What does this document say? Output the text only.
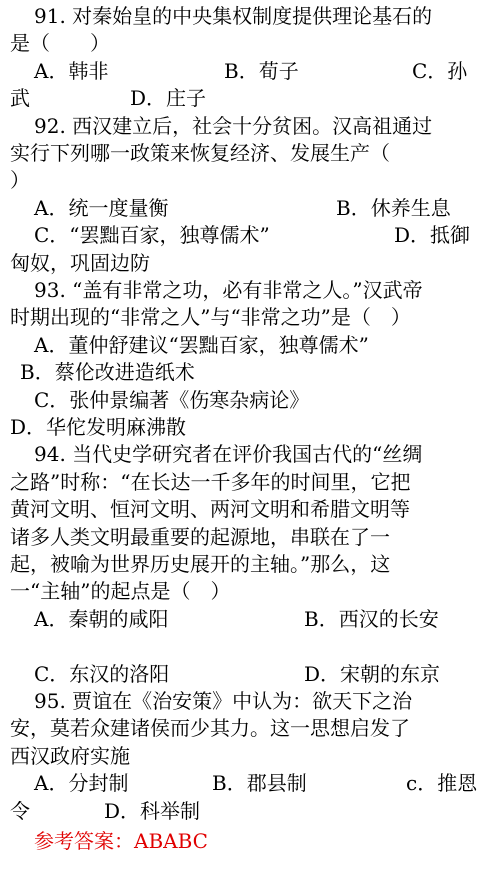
91. 对秦始皇的中央集权制度提供理论基石的
是（　　）
A．韩非	B．荀子	C．孙
武	D．庄子
92. 西汉建立后，社会十分贫困。汉高祖通过
实行下列哪一政策来恢复经济、发展生产（
）
A．统一度量衡	B．休养生息
C．“罢黜百家，独尊儒术”	D．抵御
匈奴，巩固边防
93. “盖有非常之功，必有非常之人。”汉武帝
时期出现的“非常之人”与“非常之功”是（　）
A．董仲舒建议“罢黜百家，独尊儒术”
B．蔡伦改进造纸术
C．张仲景编著《伤寒杂病论》
D．华佗发明麻沸散
94. 当代史学研究者在评价我国古代的“丝绸
之路”时称：“在长达一千多年的时间里，它把
黄河文明、恒河文明、两河文明和希腊文明等
诸多人类文明最重要的起源地，串联在了一
起，被喻为世界历史展开的主轴。”那么，这
一“主轴”的起点是（　）
A．秦朝的咸阳	B．西汉的长安
C．东汉的洛阳	D．宋朝的东京
95. 贾谊在《治安策》中认为：欲天下之治
安，莫若众建诸侯而少其力。这一思想启发了
西汉政府实施
A．分封制	B．郡县制	c．推恩
令	D．科举制
参考答案：ABABC
